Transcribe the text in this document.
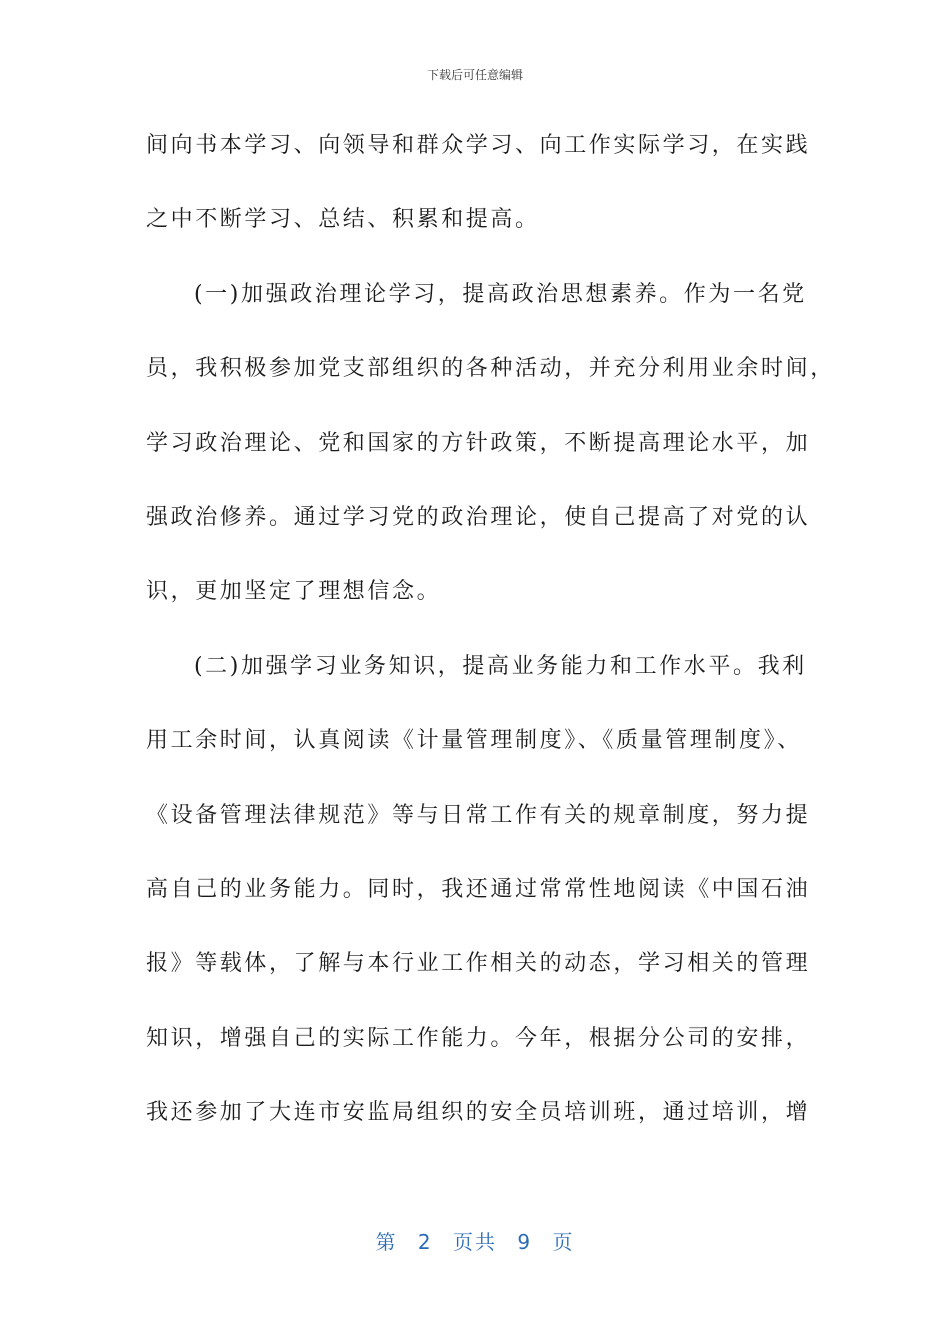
下载后可任意编辑
间向书本学习、向领导和群众学习、向工作实际学习，在实践
之中不断学习、总结、积累和提高。
(一)加强政治理论学习，提高政治思想素养。作为一名党
员，我积极参加党支部组织的各种活动，并充分利用业余时间，
学习政治理论、党和国家的方针政策，不断提高理论水平，加
强政治修养。通过学习党的政治理论，使自己提高了对党的认
识，更加坚定了理想信念。
(二)加强学习业务知识，提高业务能力和工作水平。我利
用工余时间，认真阅读《计量管理制度》、《质量管理制度》、
《设备管理法律规范》等与日常工作有关的规章制度，努力提
高自己的业务能力。同时，我还通过常常性地阅读《中国石油
报》等载体，了解与本行业工作相关的动态，学习相关的管理
知识，增强自己的实际工作能力。今年，根据分公司的安排，
我还参加了大连市安监局组织的安全员培训班，通过培训，增
第 2 页共 9 页
